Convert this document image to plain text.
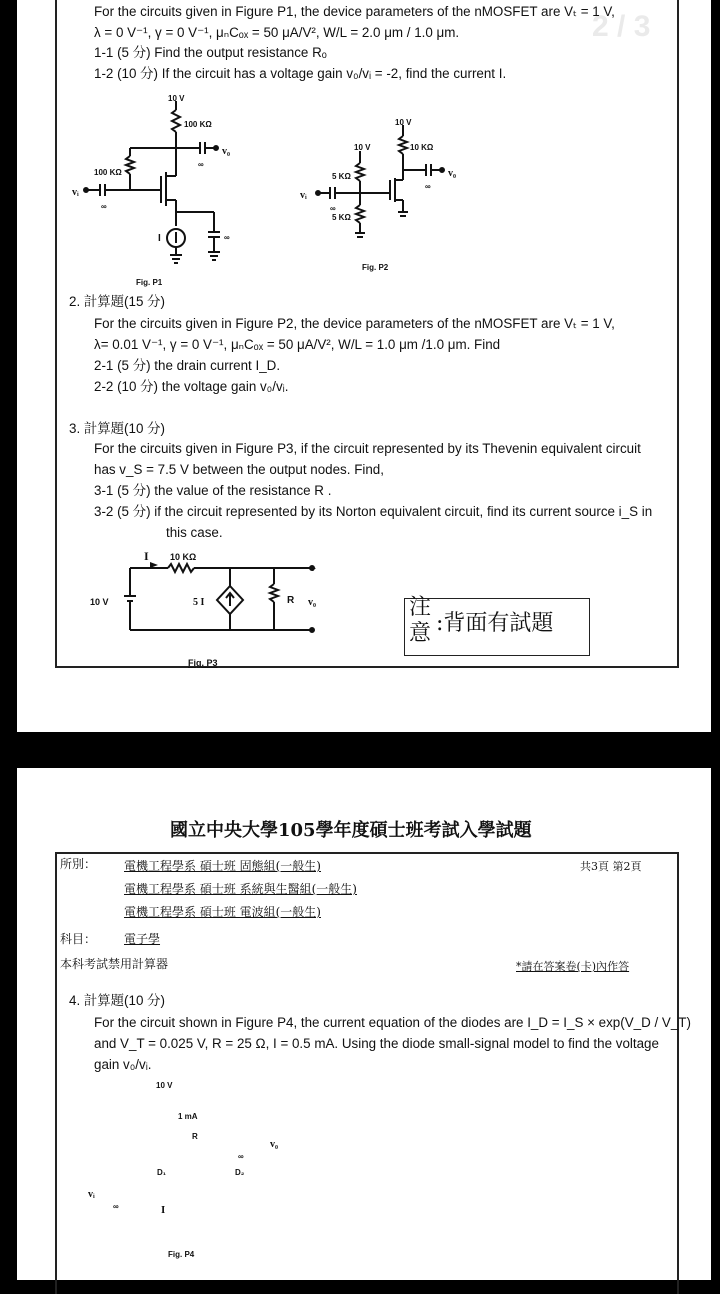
2 / 3
For the circuits given in Figure P1, the device parameters of the nMOSFET are Vₜ = 1 V,
λ = 0 V⁻¹, γ = 0 V⁻¹, μₙCₒₓ = 50 μA/V², W/L = 2.0 μm / 1.0 μm.
1-1 (5 分) Find the output resistance Rₒ
1-2 (10 分) If the circuit has a voltage gain v₀/vᵢ = -2, find the current I.
10 V
100 KΩ
100 KΩ
∞
v₀
vᵢ
∞
∞
I
Fig. P1
10 V
10 V
10 KΩ
5 KΩ
5 KΩ
∞
∞
v₀
vᵢ
Fig. P2
2. 計算題(15 分)
For the circuits given in Figure P2, the device parameters of the nMOSFET are Vₜ = 1 V,
λ= 0.01 V⁻¹, γ = 0 V⁻¹, μₙCₒₓ = 50 μA/V², W/L = 1.0 μm /1.0 μm. Find
2-1 (5 分) the drain current I_D.
2-2 (10 分) the voltage gain v₀/vᵢ.
3. 計算題(10 分)
For the circuits given in Figure P3, if the circuit represented by its Thevenin equivalent circuit
has v_S = 7.5 V between the output nodes. Find,
3-1 (5 分) the value of the resistance R .
3-2 (5 分) if the circuit represented by its Norton equivalent circuit, find its current source i_S in
this case.
I 10 KΩ
10 V	5 I	R v₀
+
-
Fig. P3
注
意 :背面有試題
國立中央大學105學年度碩士班考試入學試題
所別： 電機工程學系 碩士班 固態組(一般生)
電機工程學系 碩士班 系統與生醫組(一般生)
電機工程學系 碩士班 電波組(一般生)
共3頁 第2頁
科目： 電子學
本科考試禁用計算器	*請在答案卷(卡)內作答
4. 計算題(10 分)
For the circuit shown in Figure P4, the current equation of the diodes are I_D = I_S × exp(V_D / V_T)
and V_T = 0.025 V, R = 25 Ω, I = 0.5 mA. Using the diode small-signal model to find the voltage
gain v₀/vᵢ.
10 V
1 mA
R
∞
v₀
D₁	D₂
vᵢ
∞	I
Fig. P4
